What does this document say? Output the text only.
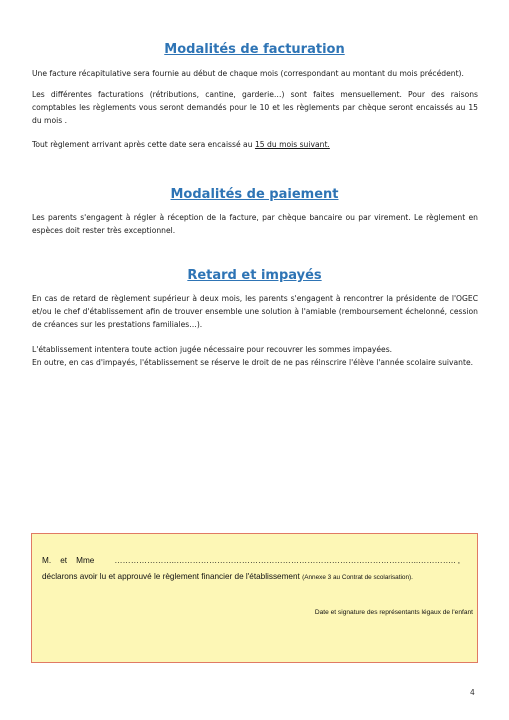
Modalités de facturation
Une facture récapitulative sera fournie au début de chaque mois (correspondant au montant du mois précédent).
Les différentes facturations (rétributions, cantine, garderie…) sont faites mensuellement. Pour des raisons comptables les règlements vous seront demandés pour le 10 et les règlements par chèque seront encaissés au 15 du mois .
Tout règlement arrivant après cette date sera encaissé au 15 du mois suivant.
Modalités de paiement
Les parents s'engagent à régler à réception de la facture, par chèque bancaire ou par virement. Le règlement en espèces doit rester très exceptionnel.
Retard et impayés
En cas de retard de règlement supérieur à deux mois, les parents s'engagent à rencontrer la présidente de l'OGEC et/ou le chef d'établissement afin de trouver ensemble une solution à l'amiable (remboursement échelonné, cession de créances sur les prestations familiales…).
L'établissement intentera toute action jugée nécessaire pour recouvrer les sommes impayées.
En outre, en cas d'impayés, l'établissement se réserve le droit de ne pas réinscrire l'élève l'année scolaire suivante.
M.    et    Mme …………………..……………………………………………………………………………..………….. ,
déclarons avoir lu et approuvé le règlement financier de l'établissement (Annexe 3 au Contrat de scolarisation).
Date et signature des représentants légaux de l'enfant
4
